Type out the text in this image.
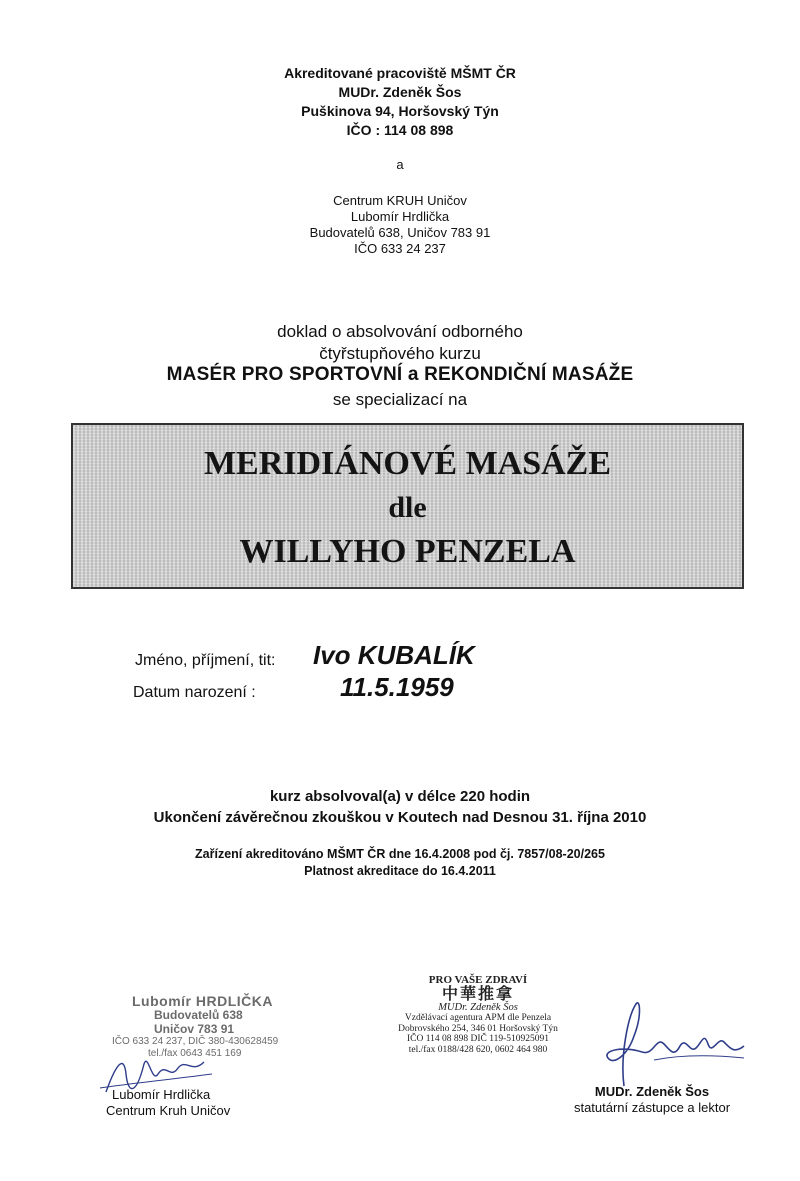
Akreditované pracoviště MŠMT ČR
MUDr. Zdeněk Šos
Puškinova 94, Horšovský Týn
IČO : 114 08 898
a
Centrum KRUH Uničov
Lubomír Hrdlička
Budovatelů 638, Uničov 783 91
IČO 633 24 237
doklad o absolvování odborného
čtyřstupňového kurzu
MASÉR PRO SPORTOVNÍ a REKONDIČNÍ MASÁŽE
se specializací na
MERIDIÁNOVÉ MASÁŽE
dle
WILLYHO PENZELA
Jméno, příjmení, tit: Ivo KUBALÍK
Datum narození :	11.5.1959
kurz absolvoval(a) v délce 220 hodin
Ukončení závěrečnou zkouškou v Koutech nad Desnou 31. října 2010
Zařízení akreditováno MŠMT ČR dne 16.4.2008 pod čj. 7857/08-20/265
Platnost akreditace do 16.4.2011
Lubomír HRDLIČKA
Budovatelů 638
Uničov 783 91
IČO 633 24 237, DIČ 380-430628459
tel./fax 0643 451 169
PRO VAŠE ZDRAVÍ
中華推拿
MUDr. Zdeněk Šos
Vzdělávací agentura APM dle Penzela
Dobrovského 254, 346 01 Horšovský Týn
IČO 114 08 898 DIČ 119-510925091
tel./fax 0188/428 620, 0602 464 980
Lubomír Hrdlička
Centrum Kruh Uničov
MUDr. Zdeněk Šos
statutární zástupce a lektor
